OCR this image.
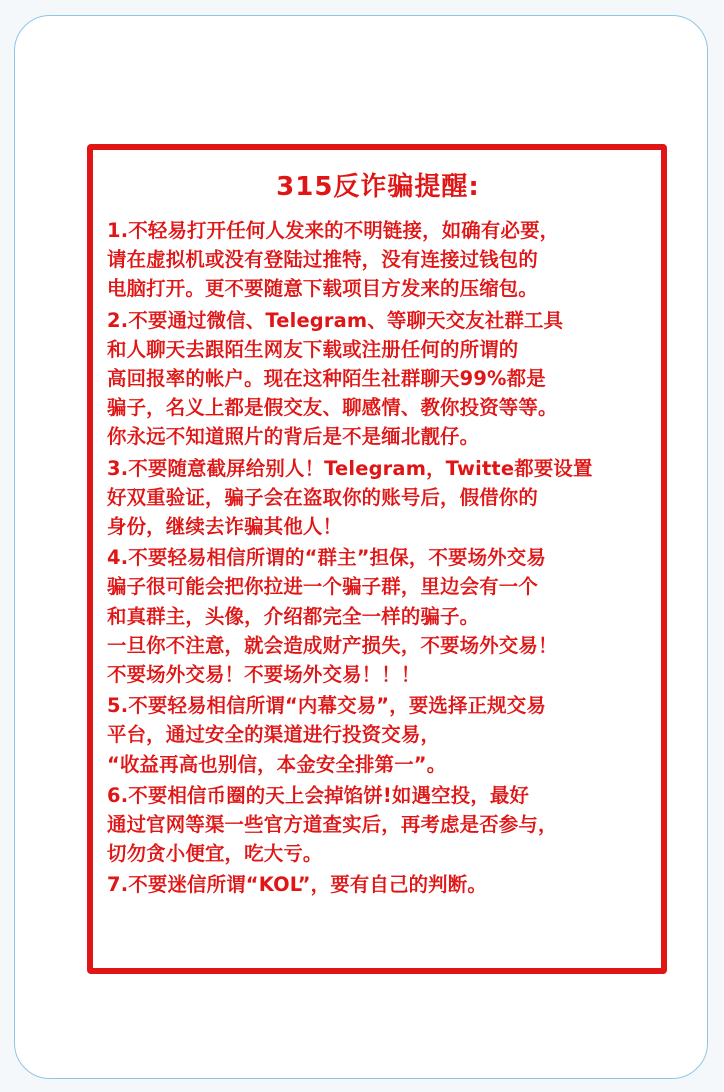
315反诈骗提醒:
1.不轻易打开任何人发来的不明链接，如确有必要，
请在虚拟机或没有登陆过推特，没有连接过钱包的
电脑打开。更不要随意下载项目方发来的压缩包。
2.不要通过微信、Telegram、等聊天交友社群工具
和人聊天去跟陌生网友下载或注册任何的所谓的
高回报率的帐户。现在这种陌生社群聊天99%都是
骗子，名义上都是假交友、聊感情、教你投资等等。
你永远不知道照片的背后是不是缅北靓仔。
3.不要随意截屏给别人！Telegram，Twitte都要设置
好双重验证，骗子会在盗取你的账号后，假借你的
身份，继续去诈骗其他人！
4.不要轻易相信所谓的“群主”担保，不要场外交易
骗子很可能会把你拉进一个骗子群，里边会有一个
和真群主，头像，介绍都完全一样的骗子。
一旦你不注意，就会造成财产损失，不要场外交易！
不要场外交易！不要场外交易！！！
5.不要轻易相信所谓“内幕交易”，要选择正规交易
平台，通过安全的渠道进行投资交易，
“收益再高也别信，本金安全排第一”。
6.不要相信币圈的天上会掉馅饼!如遇空投，最好
通过官网等渠一些官方道查实后，再考虑是否参与，
切勿贪小便宜，吃大亏。
7.不要迷信所谓“KOL”，要有自己的判断。
